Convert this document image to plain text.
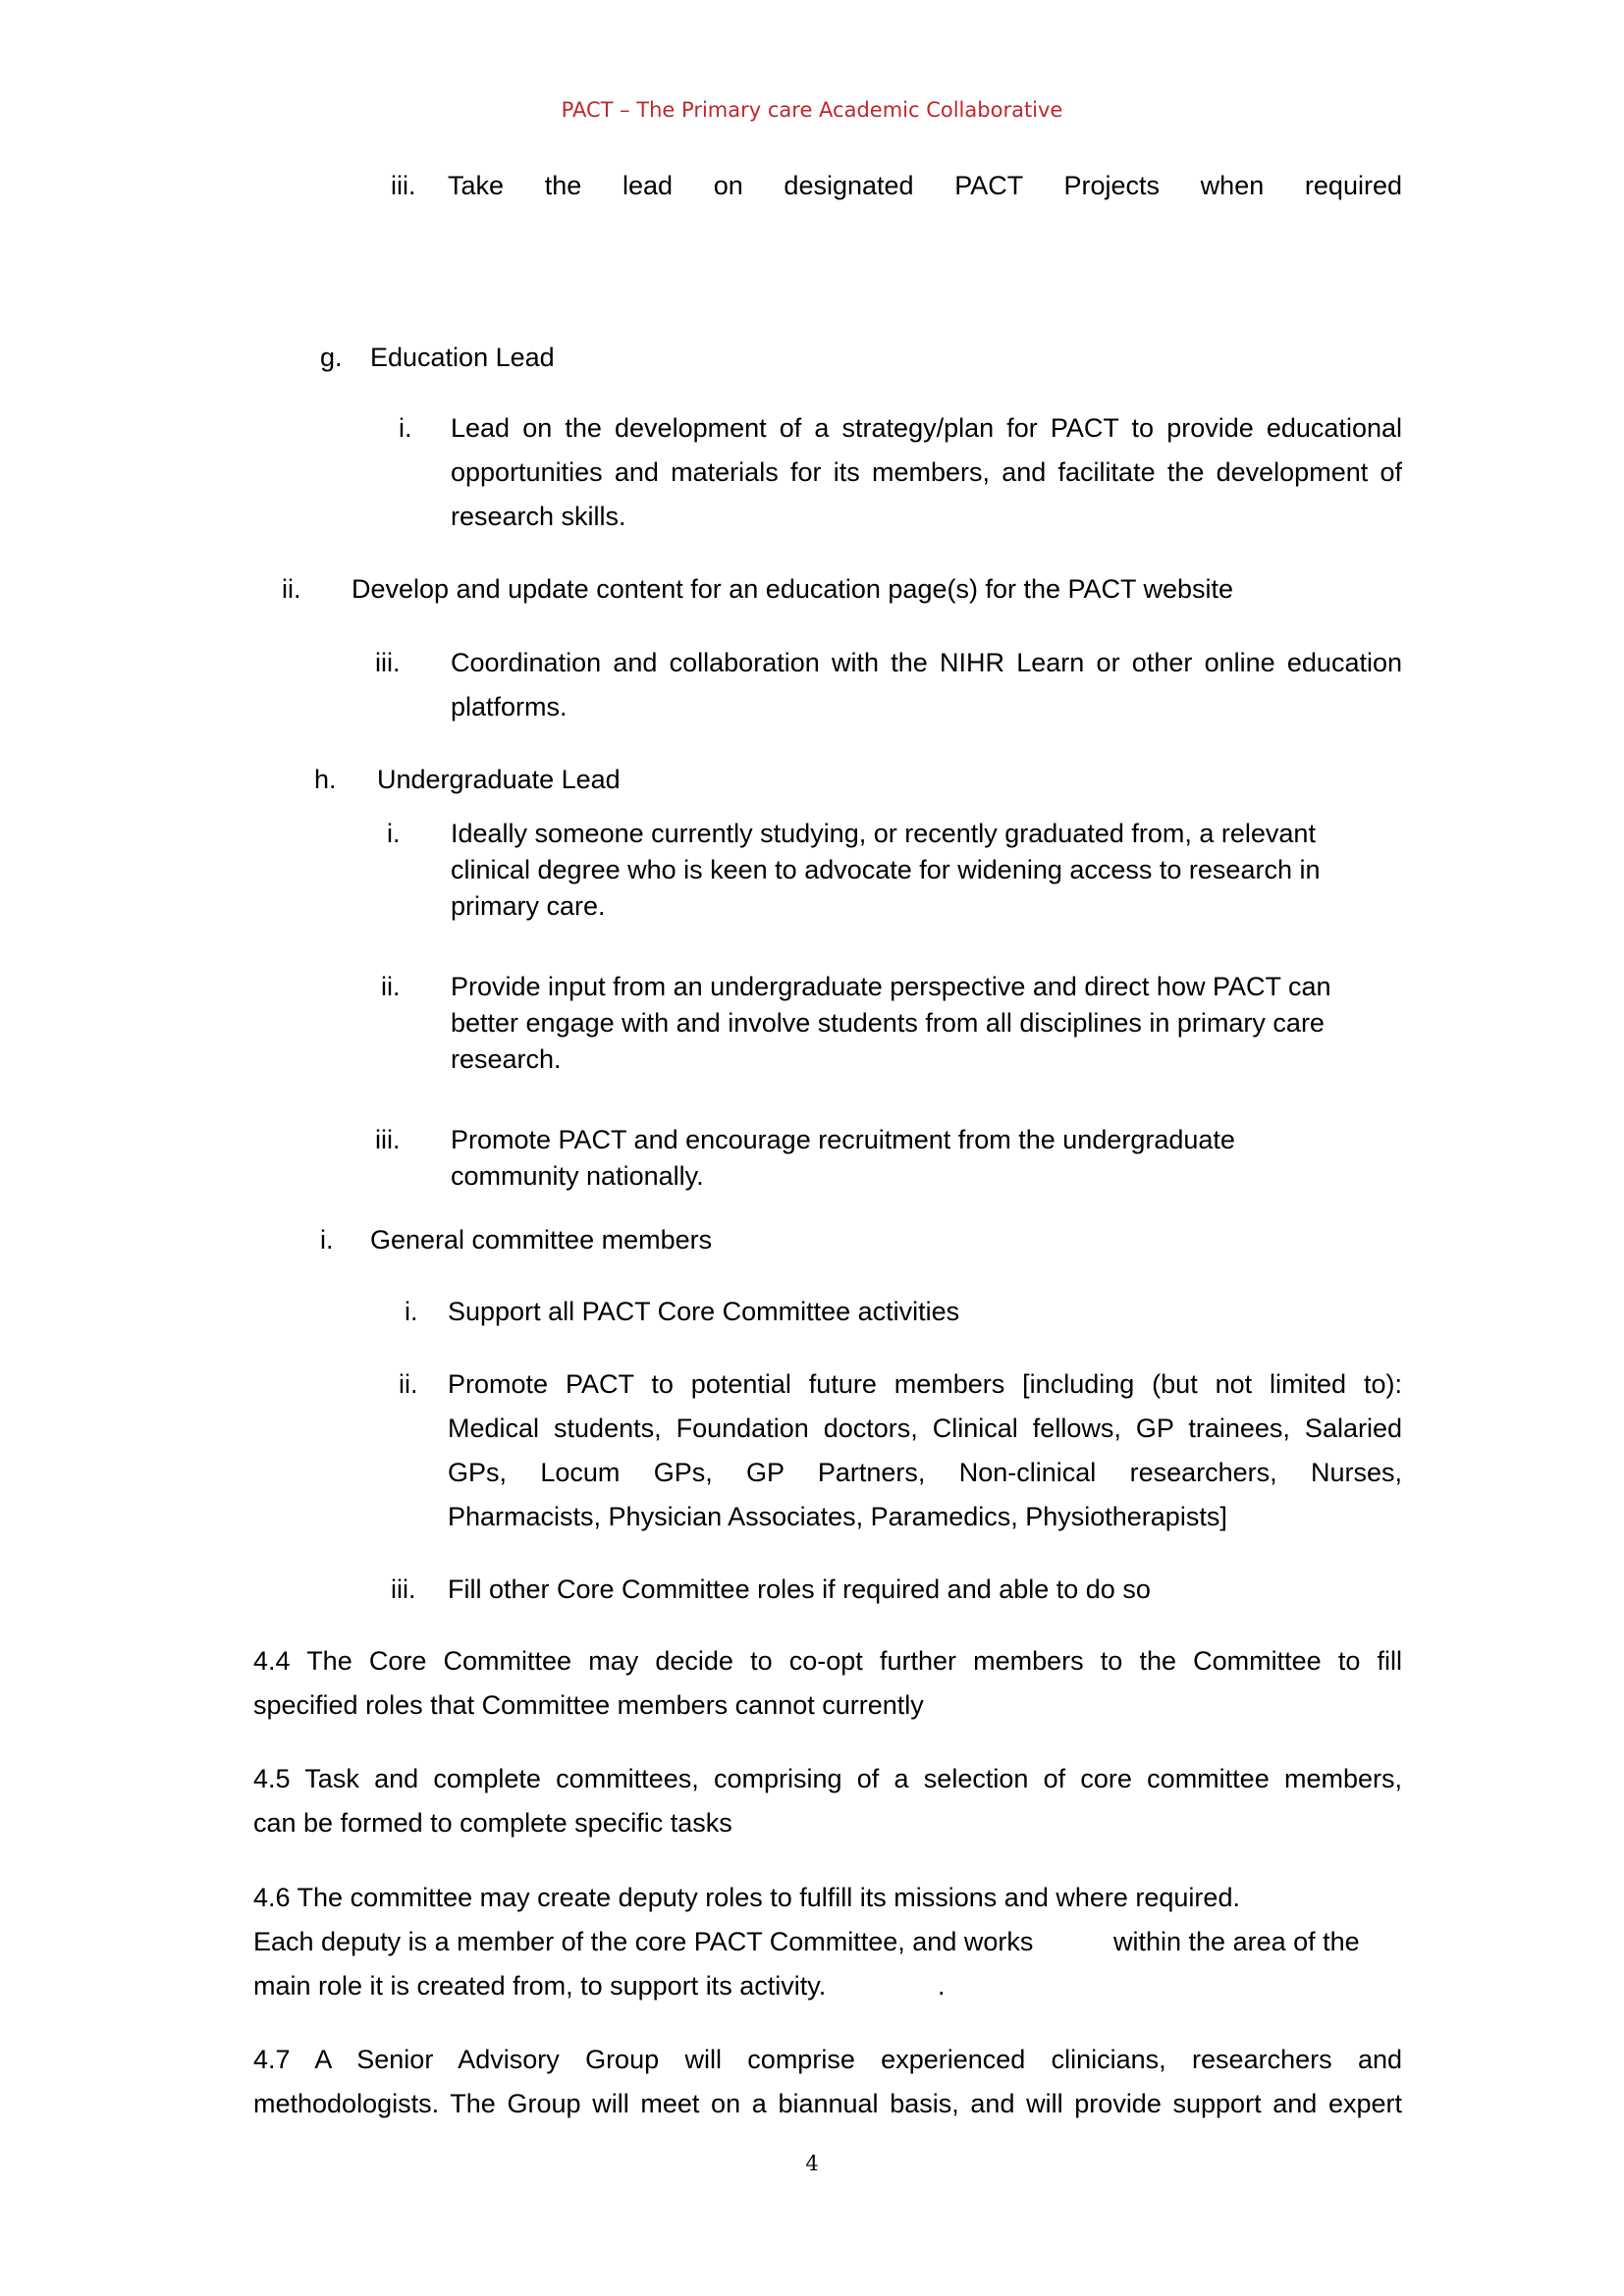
PACT – The Primary care Academic Collaborative
iii. Take the lead on designated PACT Projects when required
g. Education Lead
i. Lead on the development of a strategy/plan for PACT to provide educational
opportunities and materials for its members, and facilitate the development of
research skills.
ii. Develop and update content for an education page(s) for the PACT website
iii. Coordination and collaboration with the NIHR Learn or other online education
platforms.
h. Undergraduate Lead
i. Ideally someone currently studying, or recently graduated from, a relevant
clinical degree who is keen to advocate for widening access to research in
primary care.
ii. Provide input from an undergraduate perspective and direct how PACT can
better engage with and involve students from all disciplines in primary care
research.
iii. Promote PACT and encourage recruitment from the undergraduate
community nationally.
i. General committee members
i. Support all PACT Core Committee activities
ii. Promote PACT to potential future members [including (but not limited to):
Medical students, Foundation doctors, Clinical fellows, GP trainees, Salaried
GPs, Locum GPs, GP Partners, Non-clinical researchers, Nurses,
Pharmacists, Physician Associates, Paramedics, Physiotherapists]
iii. Fill other Core Committee roles if required and able to do so
4.4 The Core Committee may decide to co-opt further members to the Committee to fill
specified roles that Committee members cannot currently
4.5 Task and complete committees, comprising of a selection of core committee members,
can be formed to complete specific tasks
4.6 The committee may create deputy roles to fulfill its missions and where required.
Each deputy is a member of the core PACT Committee, and works	within the area of the
main role it is created from, to support its activity.	.
4.7 A Senior Advisory Group will comprise experienced clinicians, researchers and
methodologists. The Group will meet on a biannual basis, and will provide support and expert
4
